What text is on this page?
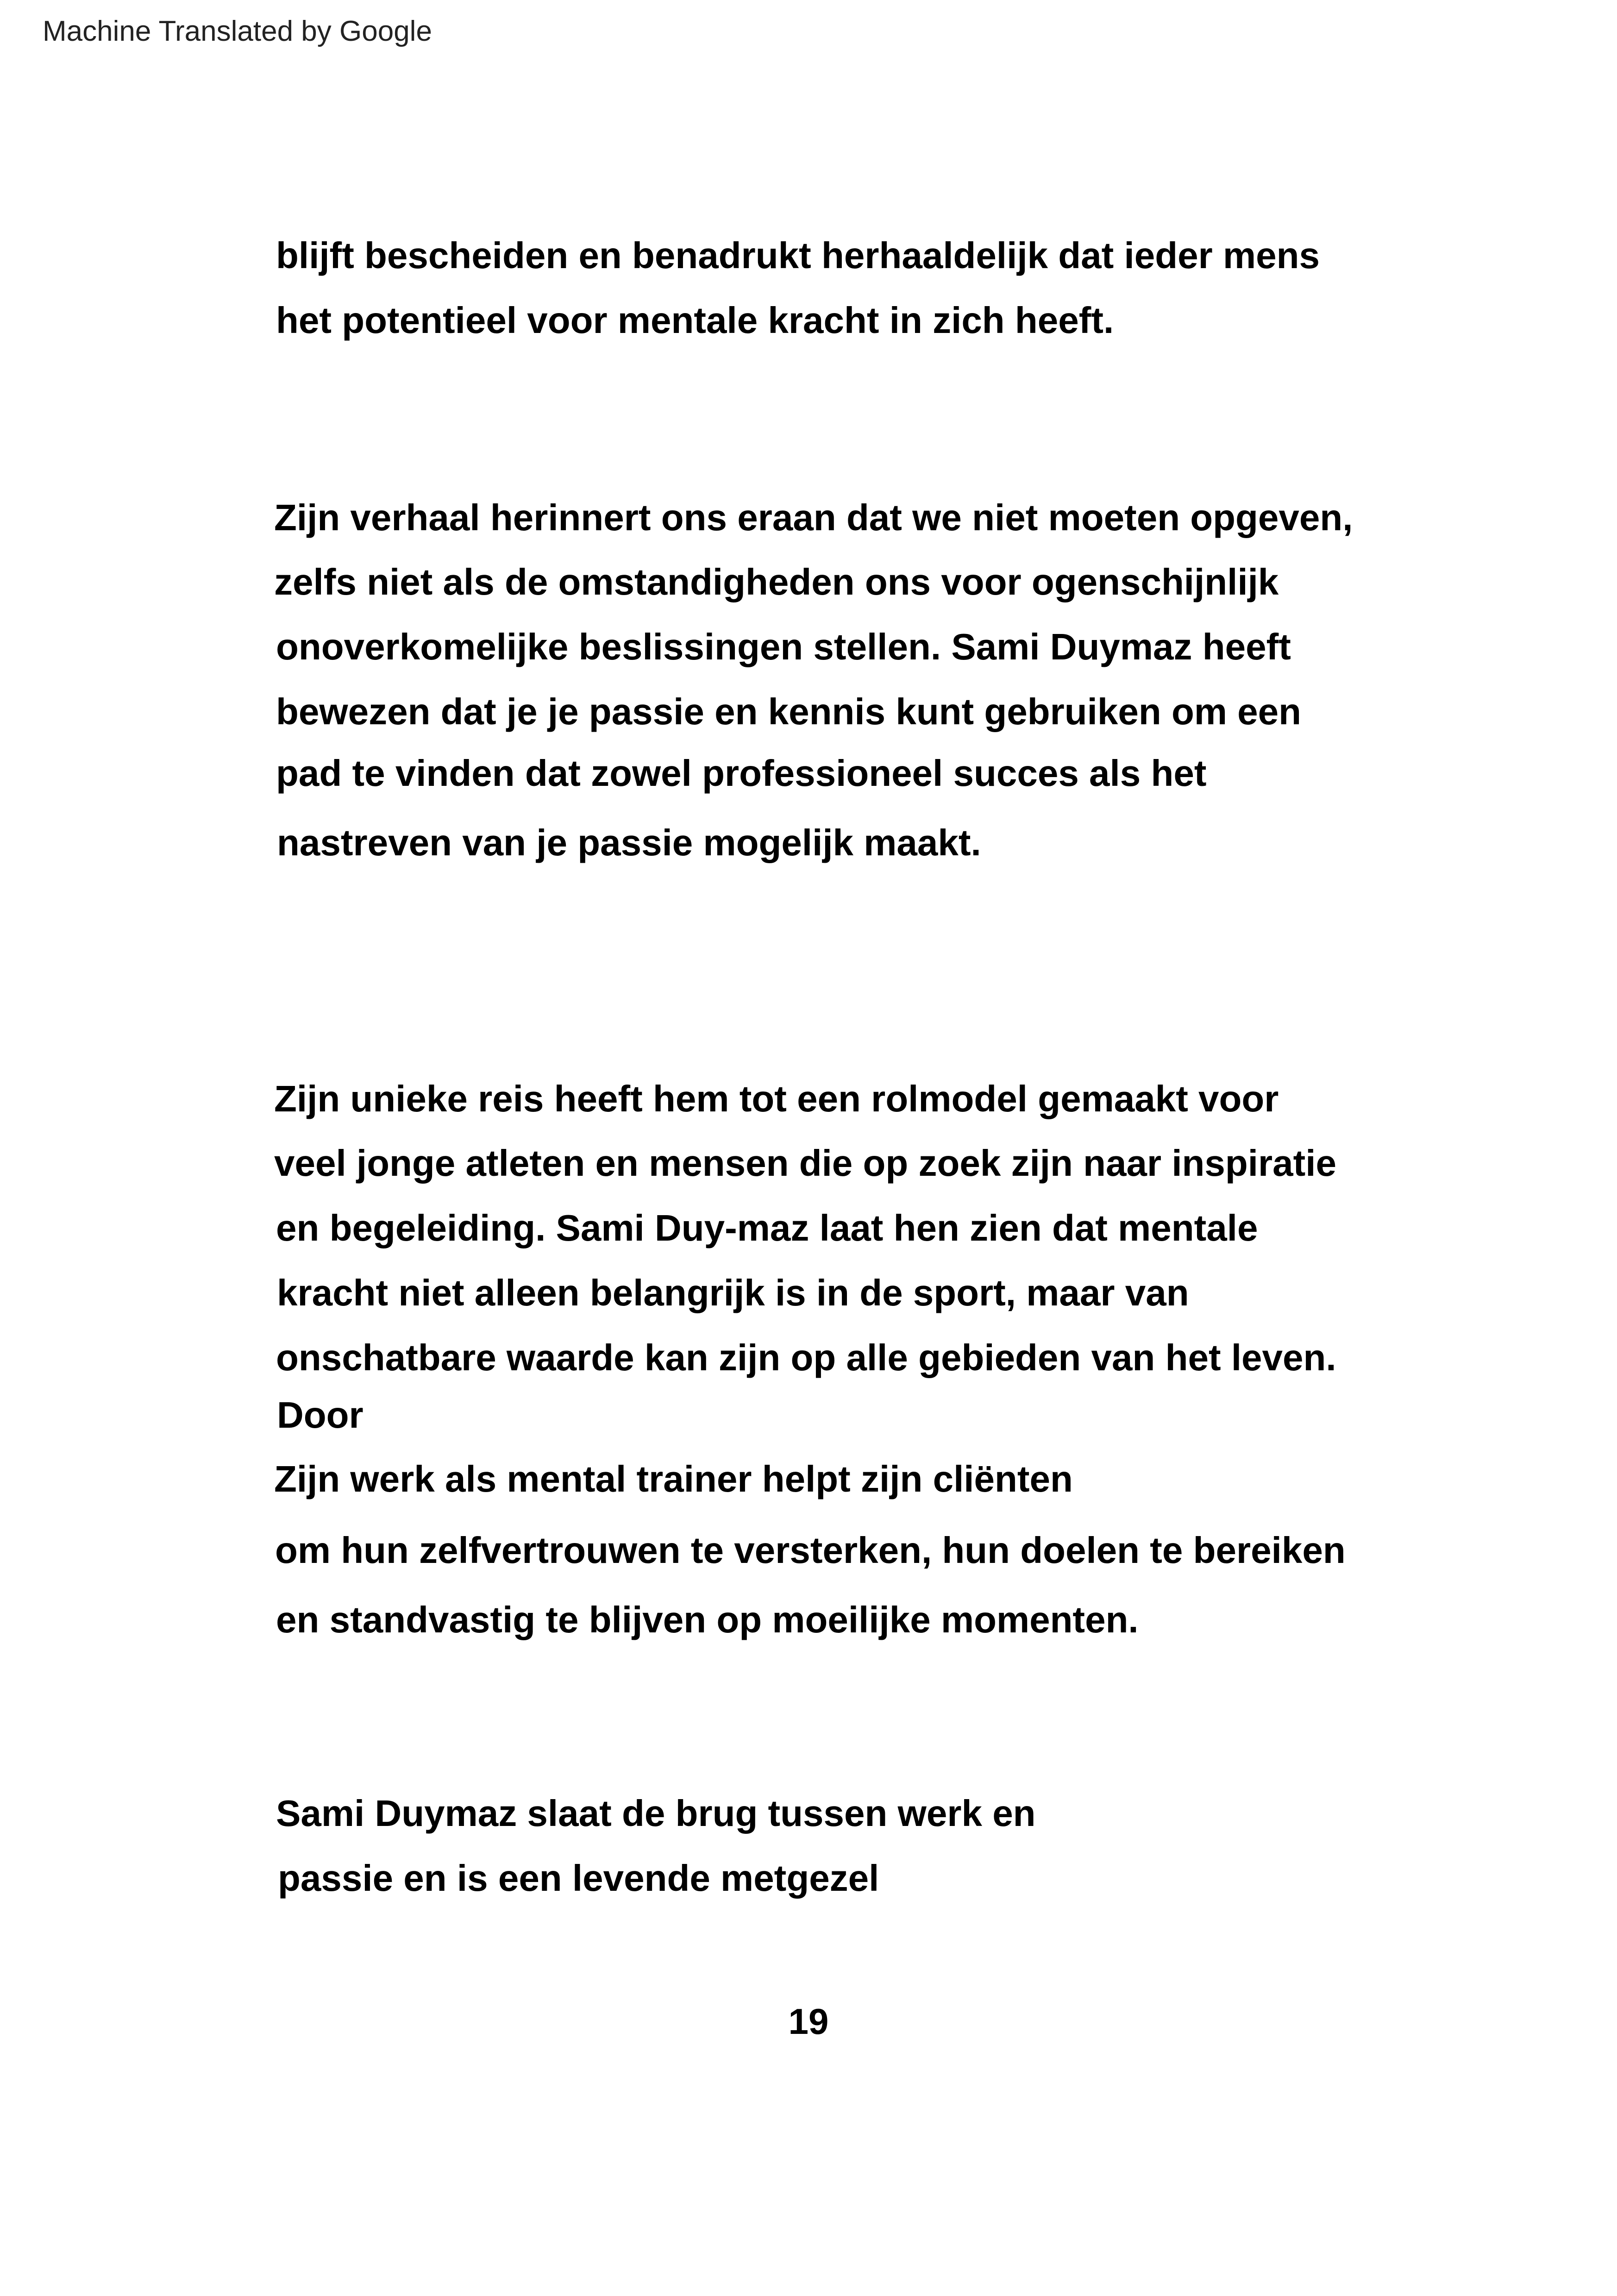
Machine Translated by Google
blijft bescheiden en benadrukt herhaaldelijk dat ieder mens
het potentieel voor mentale kracht in zich heeft.
Zijn verhaal herinnert ons eraan dat we niet moeten opgeven,
zelfs niet als de omstandigheden ons voor ogenschijnlijk
onoverkomelijke beslissingen stellen. Sami Duymaz heeft
bewezen dat je je passie en kennis kunt gebruiken om een
pad te vinden dat zowel professioneel succes als het
nastreven van je passie mogelijk maakt.
Zijn unieke reis heeft hem tot een rolmodel gemaakt voor
veel jonge atleten en mensen die op zoek zijn naar inspiratie
en begeleiding. Sami Duy-maz laat hen zien dat mentale
kracht niet alleen belangrijk is in de sport, maar van
onschatbare waarde kan zijn op alle gebieden van het leven.
Door
Zijn werk als mental trainer helpt zijn cliënten
om hun zelfvertrouwen te versterken, hun doelen te bereiken
en standvastig te blijven op moeilijke momenten.
Sami Duymaz slaat de brug tussen werk en
passie en is een levende metgezel
19
